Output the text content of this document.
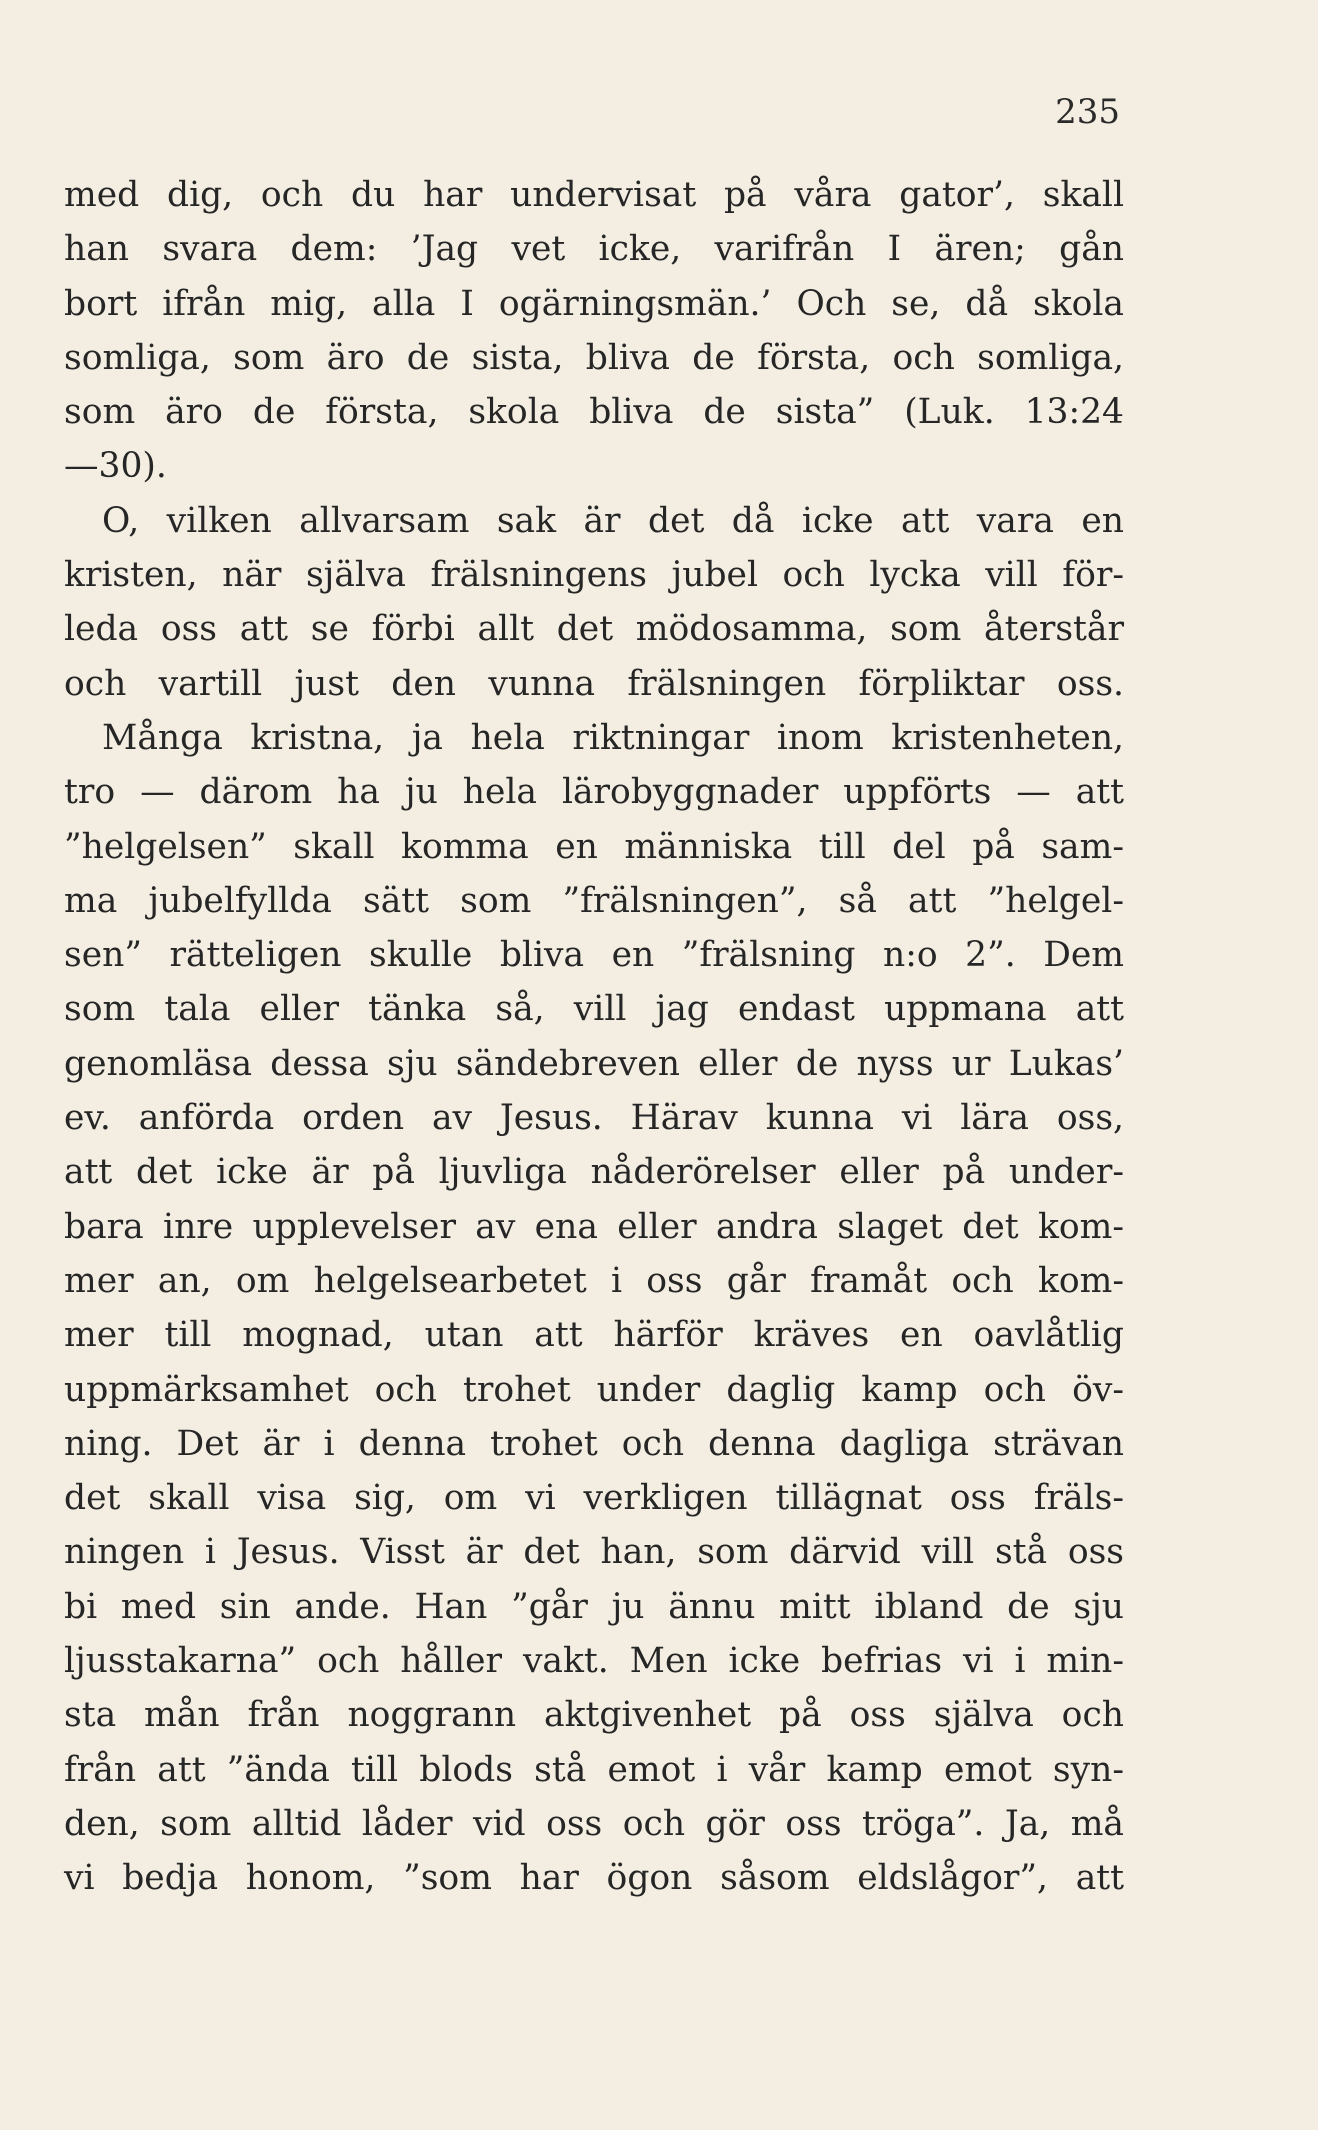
235
med dig, och du har undervisat på våra gator’, skall
han svara dem: ’Jag vet icke, varifrån I ären; gån
bort ifrån mig, alla I ogärningsmän.’ Och se, då skola
somliga, som äro de sista, bliva de första, och somliga,
som äro de första, skola bliva de sista” (Luk. 13:24
—30).
O, vilken allvarsam sak är det då icke att vara en
kristen, när själva frälsningens jubel och lycka vill för-
leda oss att se förbi allt det mödosamma, som återstår
och vartill just den vunna frälsningen förpliktar oss.
Många kristna, ja hela riktningar inom kristenheten,
tro — därom ha ju hela lärobyggnader uppförts — att
”helgelsen” skall komma en människa till del på sam-
ma jubelfyllda sätt som ”frälsningen”, så att ”helgel-
sen” rätteligen skulle bliva en ”frälsning n:o 2”. Dem
som tala eller tänka så, vill jag endast uppmana att
genomläsa dessa sju sändebreven eller de nyss ur Lukas’
ev. anförda orden av Jesus. Härav kunna vi lära oss,
att det icke är på ljuvliga nåderörelser eller på under-
bara inre upplevelser av ena eller andra slaget det kom-
mer an, om helgelsearbetet i oss går framåt och kom-
mer till mognad, utan att härför kräves en oavlåtlig
uppmärksamhet och trohet under daglig kamp och öv-
ning. Det är i denna trohet och denna dagliga strävan
det skall visa sig, om vi verkligen tillägnat oss fräls-
ningen i Jesus. Visst är det han, som därvid vill stå oss
bi med sin ande. Han ”går ju ännu mitt ibland de sju
ljusstakarna” och håller vakt. Men icke befrias vi i min-
sta mån från noggrann aktgivenhet på oss själva och
från att ”ända till blods stå emot i vår kamp emot syn-
den, som alltid låder vid oss och gör oss tröga”. Ja, må
vi bedja honom, ”som har ögon såsom eldslågor”, att
